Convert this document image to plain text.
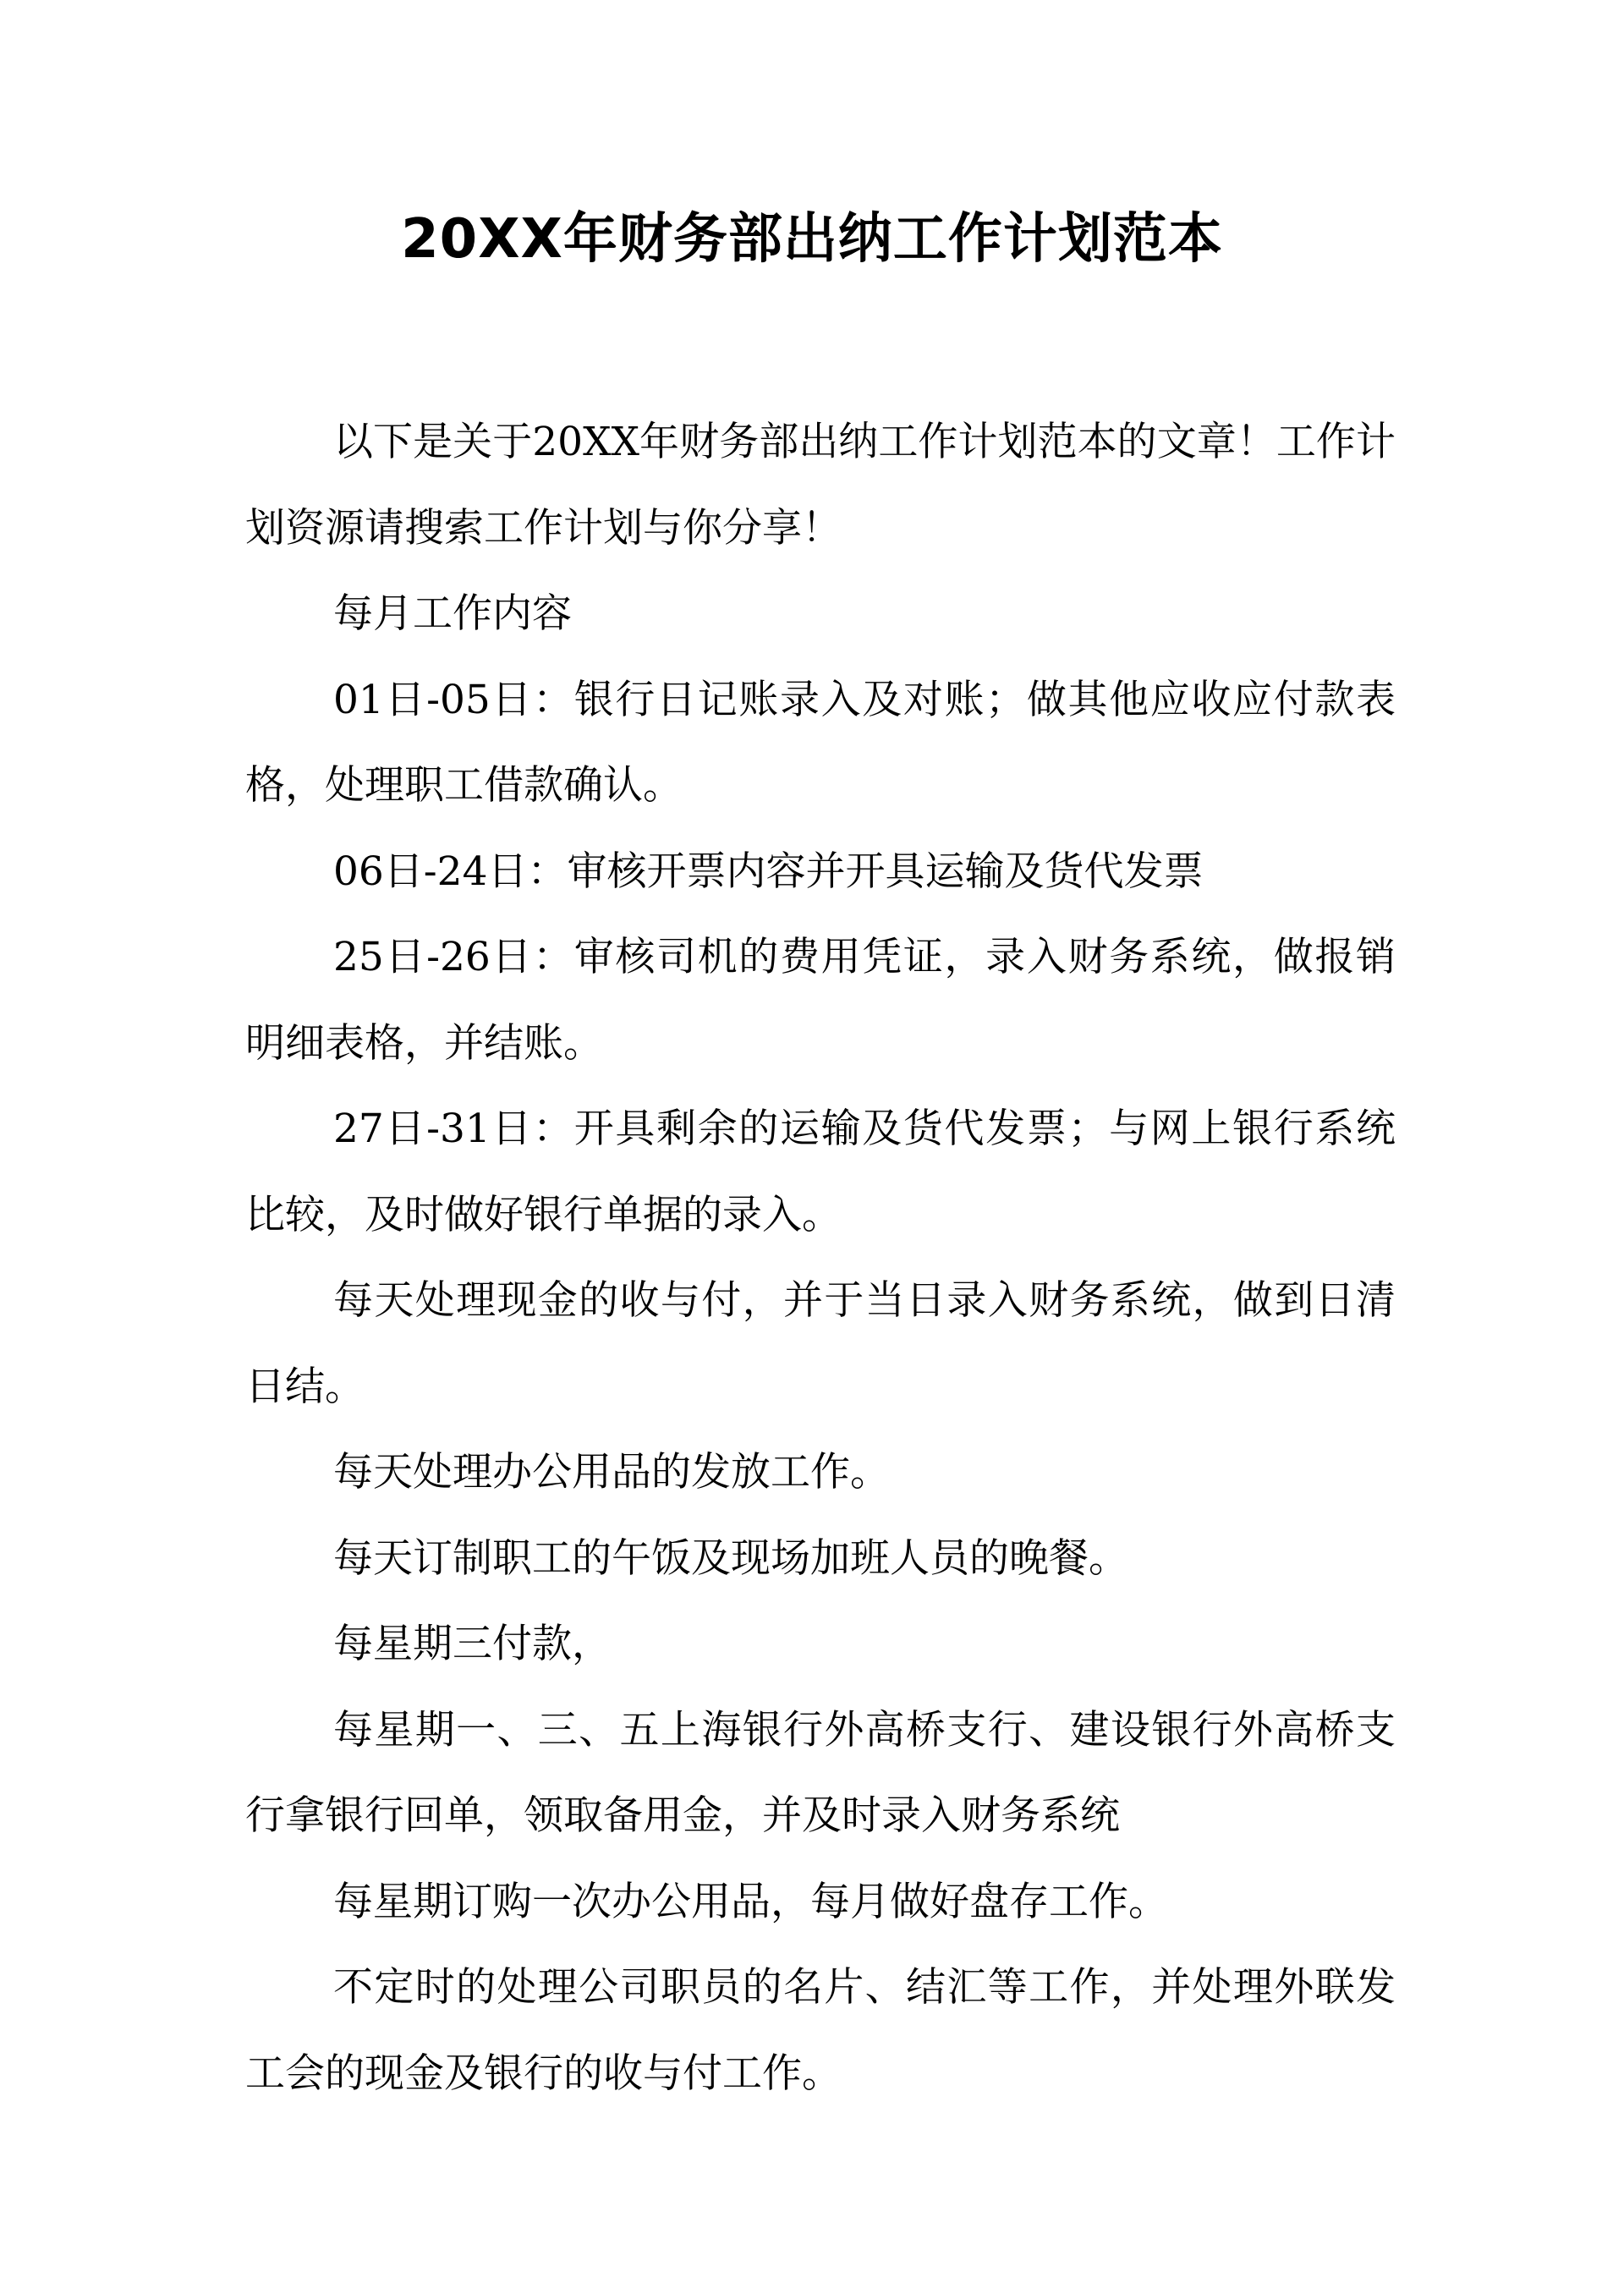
20XX年财务部出纳工作计划范本

以下是关于20XX年财务部出纳工作计划范本的文章！工作计划资源请搜索工作计划与你分享！

每月工作内容

01日-05日：银行日记账录入及对账；做其他应收应付款表格，处理职工借款确认。

06日-24日：审核开票内容并开具运输及货代发票

25日-26日：审核司机的费用凭证，录入财务系统，做报销明细表格，并结账。

27日-31日：开具剩余的运输及货代发票；与网上银行系统比较，及时做好银行单据的录入。

每天处理现金的收与付，并于当日录入财务系统，做到日清日结。

每天处理办公用品的发放工作。

每天订制职工的午饭及现场加班人员的晚餐。

每星期三付款，

每星期一、三、五上海银行外高桥支行、建设银行外高桥支行拿银行回单，领取备用金，并及时录入财务系统

每星期订购一次办公用品，每月做好盘存工作。

不定时的处理公司职员的名片、结汇等工作，并处理外联发工会的现金及银行的收与付工作。
